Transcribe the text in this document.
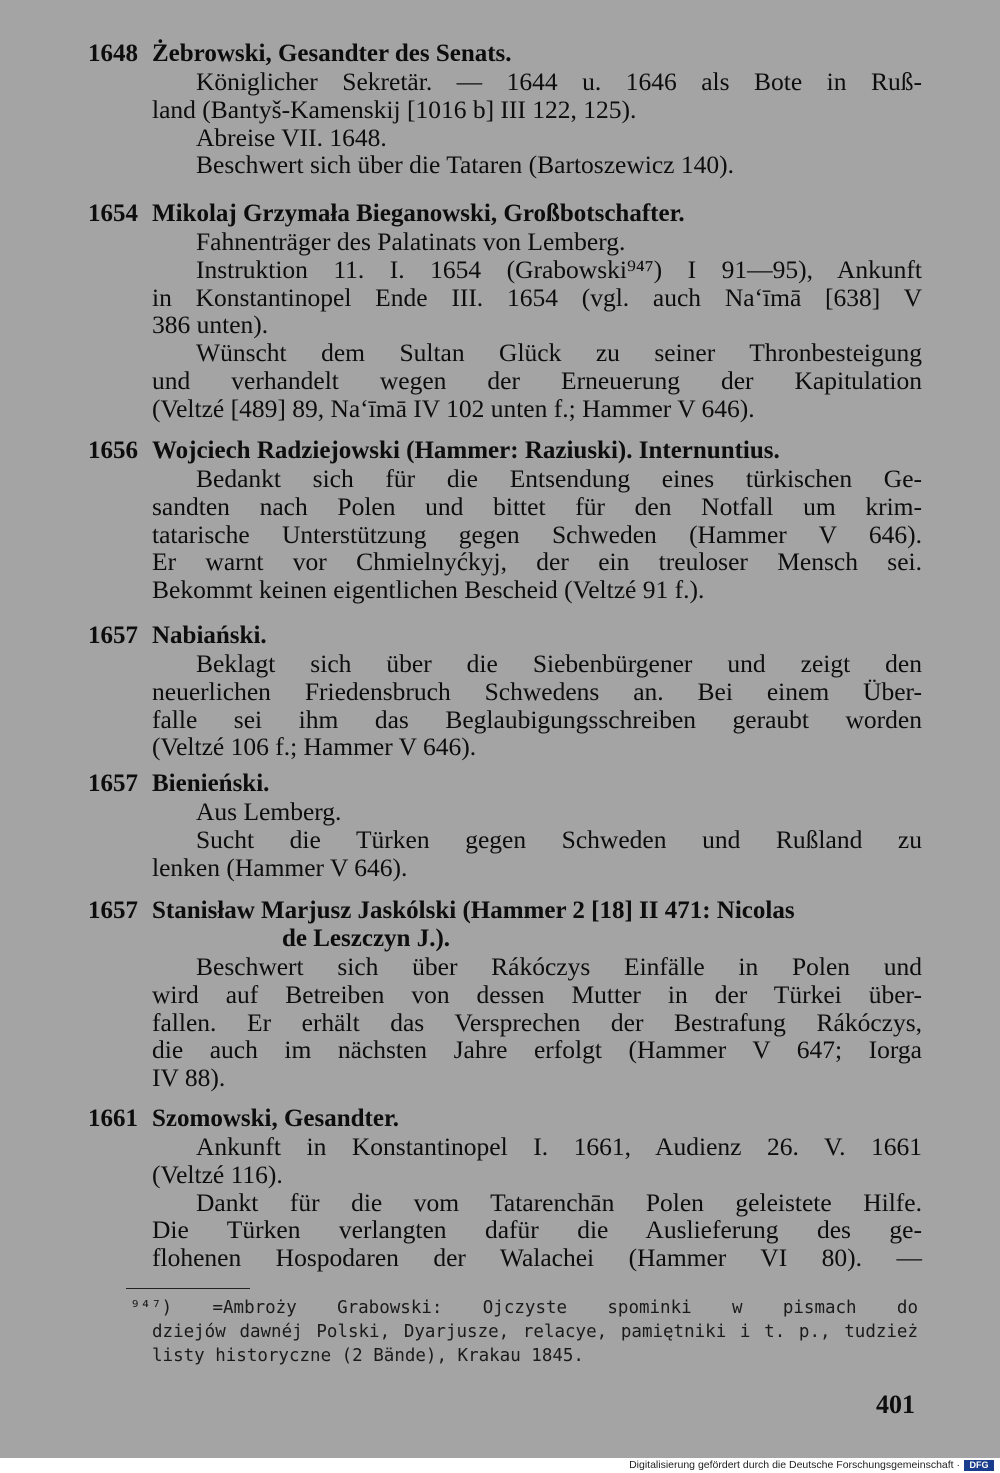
1648 Żebrowski, Gesandter des Senats.
Königlicher Sekretär. — 1644 u. 1646 als Bote in Ruß-
land (Bantyš-Kamenskij [1016 b] III 122, 125).
Abreise VII. 1648.
Beschwert sich über die Tataren (Bartoszewicz 140).
1654 Mikolaj Grzymała Bieganowski, Großbotschafter.
Fahnenträger des Palatinats von Lemberg.
Instruktion 11. I. 1654 (Grabowski⁹⁴⁷) I 91—95), Ankunft
in Konstantinopel Ende III. 1654 (vgl. auch Na‘īmā [638] V
386 unten).
Wünscht dem Sultan Glück zu seiner Thronbesteigung
und verhandelt wegen der Erneuerung der Kapitulation
(Veltzé [489] 89, Na‘īmā IV 102 unten f.; Hammer V 646).
1656 Wojciech Radziejowski (Hammer: Raziuski). Internuntius.
Bedankt sich für die Entsendung eines türkischen Ge-
sandten nach Polen und bittet für den Notfall um krim-
tatarische Unterstützung gegen Schweden (Hammer V 646).
Er warnt vor Chmielnyćkyj, der ein treuloser Mensch sei.
Bekommt keinen eigentlichen Bescheid (Veltzé 91 f.).
1657 Nabiański.
Beklagt sich über die Siebenbürgener und zeigt den
neuerlichen Friedensbruch Schwedens an. Bei einem Über-
falle sei ihm das Beglaubigungsschreiben geraubt worden
(Veltzé 106 f.; Hammer V 646).
1657 Bieniеński.
Aus Lemberg.
Sucht die Türken gegen Schweden und Rußland zu
lenken (Hammer V 646).
1657 Stanisław Marjusz Jaskólski (Hammer 2 [18] II 471: Nicolas
de Leszczyn J.).
Beschwert sich über Rákóczys Einfälle in Polen und
wird auf Betreiben von dessen Mutter in der Türkei über-
fallen. Er erhält das Versprechen der Bestrafung Rákóczys,
die auch im nächsten Jahre erfolgt (Hammer V 647; Iorga
IV 88).
1661 Szomowski, Gesandter.
Ankunft in Konstantinopel I. 1661, Audienz 26. V. 1661
(Veltzé 116).
Dankt für die vom Tatarenchān Polen geleistete Hilfe.
Die Türken verlangten dafür die Auslieferung des ge-
flohenen Hospodaren der Walachei (Hammer VI 80). —
⁹⁴⁷) =Ambroży Grabowski: Ojczyste spominki w pismach do
dziejów dawnéj Polski, Dyarjusze, relacye, pamiętniki i t. p., tudzież
listy historyczne (2 Bände), Krakau 1845.
401
Digitalisierung gefördert durch die Deutsche Forschungsgemeinschaft ·	DFG
